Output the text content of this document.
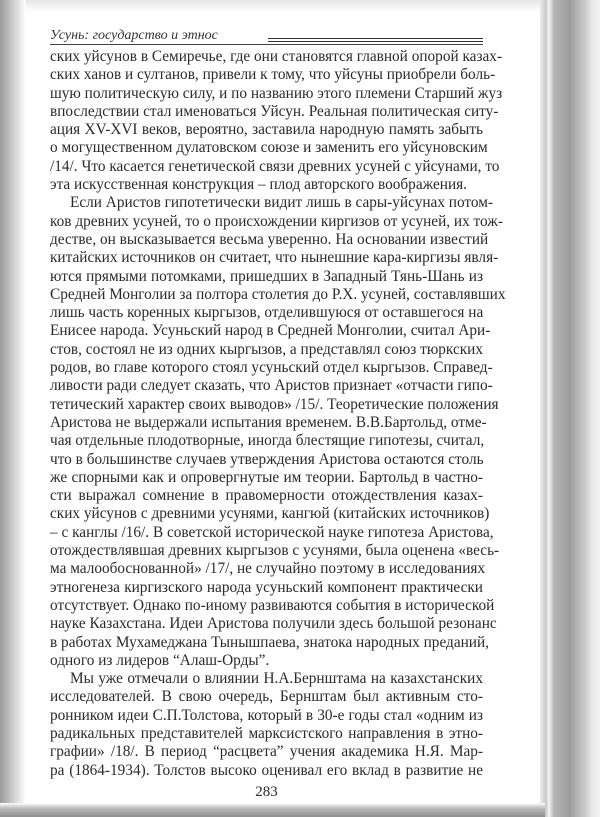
Усунь: государство и этнос
ских уйсунов в Семиречье, где они становятся главной опорой казах-
ских ханов и султанов, привели к тому, что уйсуны приобрели боль-
шую политическую силу, и по названию этого племени Старший жуз
впоследствии стал именоваться Уйсун. Реальная политическая ситу-
ация XV-XVI веков, вероятно, заставила народную память забыть
о могущественном дулатовском союзе и заменить его уйсуновским
/14/. Что касается генетической связи древних усуней с уйсунами, то
эта искусственная конструкция – плод авторского воображения.
Если Аристов гипотетически видит лишь в сары-уйсунах потом-
ков древних усуней, то о происхождении киргизов от усуней, их тож-
дестве, он высказывается весьма уверенно. На основании известий
китайских источников он считает, что нынешние кара-киргизы явля-
ются прямыми потомками, пришедших в Западный Тянь-Шань из
Средней Монголии за полтора столетия до Р.Х. усуней, составлявших
лишь часть коренных кыргызов, отделившуюся от оставшегося на
Енисее народа. Усуньский народ в Средней Монголии, считал Ари-
стов, состоял не из одних кыргызов, а представлял союз тюркских
родов, во главе которого стоял усуньский отдел кыргызов. Справед-
ливости ради следует сказать, что Аристов признает «отчасти гипо-
тетический характер своих выводов» /15/. Теоретические положения
Аристова не выдержали испытания временем. В.В.Бартольд, отме-
чая отдельные плодотворные, иногда блестящие гипотезы, считал,
что в большинстве случаев утверждения Аристова остаются столь
же спорными как и опровергнутые им теории. Бартольд в частно-
сти выражал сомнение в правомерности отождествления казах-
ских уйсунов с древними усунями, кангюй (китайских источников)
– с канглы /16/. В советской исторической науке гипотеза Аристова,
отождествлявшая древних кыргызов с усунями, была оценена «весь-
ма малообоснованной» /17/, не случайно поэтому в исследованиях
этногенеза киргизского народа усуньский компонент практически
отсутствует. Однако по-иному развиваются события в исторической
науке Казахстана. Идеи Аристова получили здесь большой резонанс
в работах Мухамеджана Тынышпаева, знатока народных преданий,
одного из лидеров “Алаш-Орды”.
Мы уже отмечали о влиянии Н.А.Бернштама на казахстанских
исследователей. В свою очередь, Бернштам был активным сто-
ронником идеи С.П.Толстова, который в 30-е годы стал «одним из
радикальных представителей марксистского направления в этно-
графии» /18/. В период “расцвета” учения академика Н.Я. Мар-
ра (1864-1934). Толстов высоко оценивал его вклад в развитие не
283
